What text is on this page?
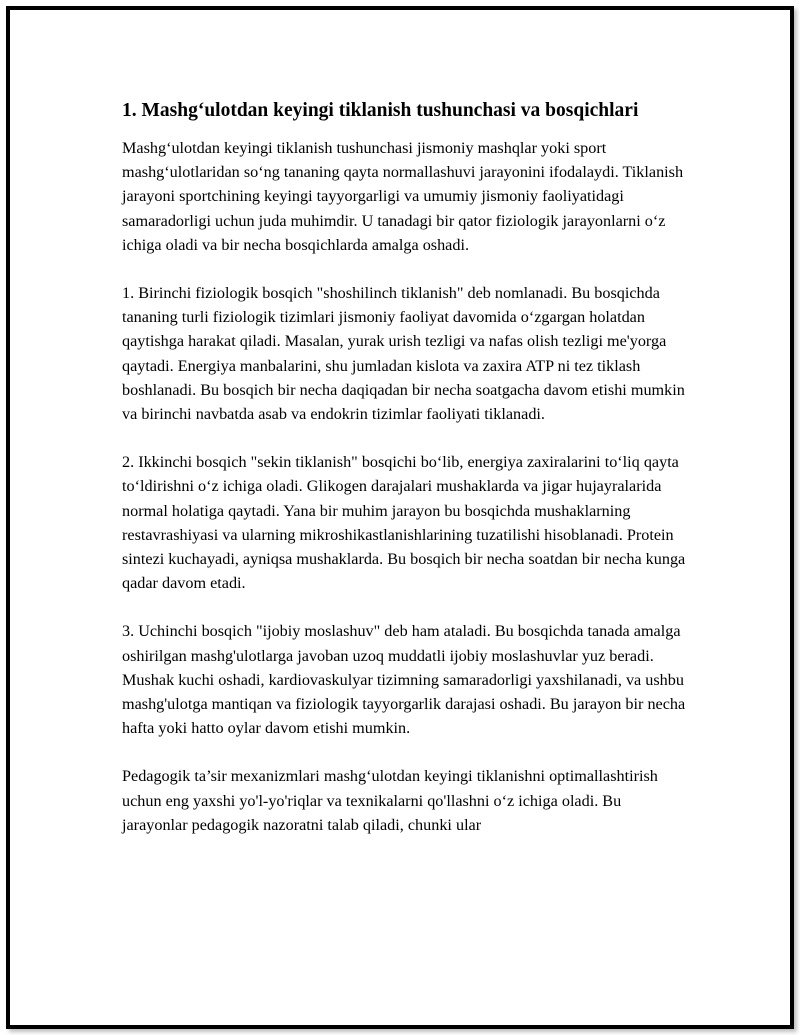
1. Mashg‘ulotdan keyingi tiklanish tushunchasi va bosqichlari

Mashg‘ulotdan keyingi tiklanish tushunchasi jismoniy mashqlar yoki sport mashg‘ulotlaridan so‘ng tananing qayta normallashuvi jarayonini ifodalaydi. Tiklanish jarayoni sportchining keyingi tayyorgarligi va umumiy jismoniy faoliyatidagi samaradorligi uchun juda muhimdir. U tanadagi bir qator fiziologik jarayonlarni o‘z ichiga oladi va bir necha bosqichlarda amalga oshadi.

1. Birinchi fiziologik bosqich "shoshilinch tiklanish" deb nomlanadi. Bu bosqichda tananing turli fiziologik tizimlari jismoniy faoliyat davomida o‘zgargan holatdan qaytishga harakat qiladi. Masalan, yurak urish tezligi va nafas olish tezligi me'yorga qaytadi. Energiya manbalarini, shu jumladan kislota va zaxira ATP ni tez tiklash boshlanadi. Bu bosqich bir necha daqiqadan bir necha soatgacha davom etishi mumkin va birinchi navbatda asab va endokrin tizimlar faoliyati tiklanadi.

2. Ikkinchi bosqich "sekin tiklanish" bosqichi bo‘lib, energiya zaxiralarini to‘liq qayta to‘ldirishni o‘z ichiga oladi. Glikogen darajalari mushaklarda va jigar hujayralarida normal holatiga qaytadi. Yana bir muhim jarayon bu bosqichda mushaklarning restavrashiyasi va ularning mikroshikastlanishlarining tuzatilishi hisoblanadi. Protein sintezi kuchayadi, ayniqsa mushaklarda. Bu bosqich bir necha soatdan bir necha kunga qadar davom etadi.

3. Uchinchi bosqich "ijobiy moslashuv" deb ham ataladi. Bu bosqichda tanada amalga oshirilgan mashg'ulotlarga javoban uzoq muddatli ijobiy moslashuvlar yuz beradi. Mushak kuchi oshadi, kardiovaskulyar tizimning samaradorligi yaxshilanadi, va ushbu mashg'ulotga mantiqan va fiziologik tayyorgarlik darajasi oshadi. Bu jarayon bir necha hafta yoki hatto oylar davom etishi mumkin.

Pedagogik ta’sir mexanizmlari mashg‘ulotdan keyingi tiklanishni optimallashtirish uchun eng yaxshi yo'l-yo'riqlar va texnikalarni qo'llashni o‘z ichiga oladi. Bu jarayonlar pedagogik nazoratni talab qiladi, chunki ular
